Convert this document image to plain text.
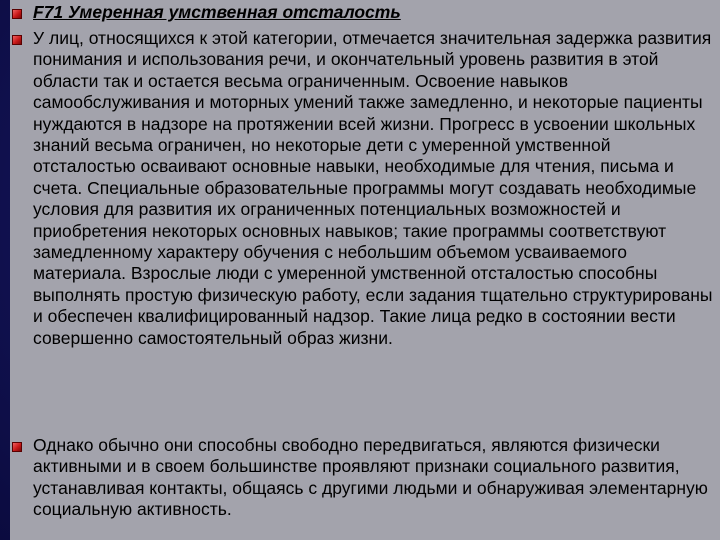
F71 Умеренная умственная отсталость

У лиц, относящихся к этой категории, отмечается значительная задержка развития понимания и использования речи, и окончательный уровень развития в этой области так и остается весьма ограниченным. Освоение навыков самообслуживания и моторных умений также замедленно, и некоторые пациенты нуждаются в надзоре на протяжении всей жизни. Прогресс в усвоении школьных знаний весьма ограничен, но некоторые дети с умеренной умственной отсталостью осваивают основные навыки, необходимые для чтения, письма и счета. Специальные образовательные программы могут создавать необходимые условия для развития их ограниченных потенциальных возможностей и приобретения некоторых основных навыков; такие программы соответствуют замедленному характеру обучения с небольшим объемом усваиваемого материала. Взрослые люди с умеренной умственной отсталостью способны выполнять простую физическую работу, если задания тщательно структурированы и обеспечен квалифицированный надзор. Такие лица редко в состоянии вести совершенно самостоятельный образ жизни.

Однако обычно они способны свободно передвигаться, являются физически активными и в своем большинстве проявляют признаки социального развития, устанавливая контакты, общаясь с другими людьми и обнаруживая элементарную социальную активность.
